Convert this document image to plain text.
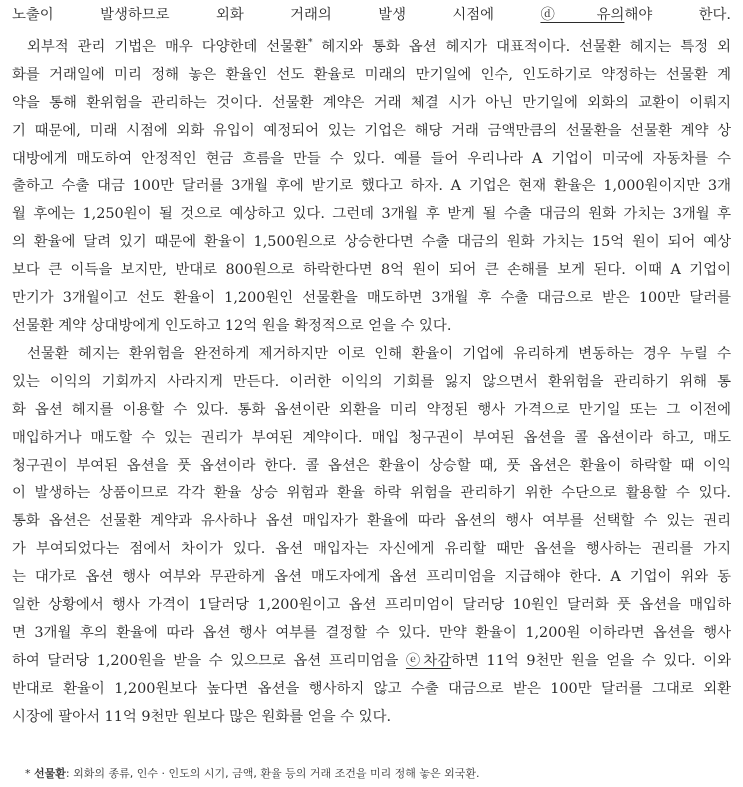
노출이 발생하므로 외화 거래의 발생 시점에 ⓓ유의해야 한다.
외부적 관리 기법은 매우 다양한데 선물환* 헤지와 통화 옵션 헤지가 대표적이다. 선물환 헤지는 특정 외
화를 거래일에 미리 정해 놓은 환율인 선도 환율로 미래의 만기일에 인수, 인도하기로 약정하는 선물환 계
약을 통해 환위험을 관리하는 것이다. 선물환 계약은 거래 체결 시가 아닌 만기일에 외화의 교환이 이뤄지
기 때문에, 미래 시점에 외화 유입이 예정되어 있는 기업은 해당 거래 금액만큼의 선물환을 선물환 계약 상
대방에게 매도하여 안정적인 현금 흐름을 만들 수 있다. 예를 들어 우리나라 A 기업이 미국에 자동차를 수
출하고 수출 대금 100만 달러를 3개월 후에 받기로 했다고 하자. A 기업은 현재 환율은 1,000원이지만 3개
월 후에는 1,250원이 될 것으로 예상하고 있다. 그런데 3개월 후 받게 될 수출 대금의 원화 가치는 3개월 후
의 환율에 달려 있기 때문에 환율이 1,500원으로 상승한다면 수출 대금의 원화 가치는 15억 원이 되어 예상
보다 큰 이득을 보지만, 반대로 800원으로 하락한다면 8억 원이 되어 큰 손해를 보게 된다. 이때 A 기업이
만기가 3개월이고 선도 환율이 1,200원인 선물환을 매도하면 3개월 후 수출 대금으로 받은 100만 달러를
선물환 계약 상대방에게 인도하고 12억 원을 확정적으로 얻을 수 있다.
선물환 헤지는 환위험을 완전하게 제거하지만 이로 인해 환율이 기업에 유리하게 변동하는 경우 누릴 수
있는 이익의 기회까지 사라지게 만든다. 이러한 이익의 기회를 잃지 않으면서 환위험을 관리하기 위해 통
화 옵션 헤지를 이용할 수 있다. 통화 옵션이란 외환을 미리 약정된 행사 가격으로 만기일 또는 그 이전에
매입하거나 매도할 수 있는 권리가 부여된 계약이다. 매입 청구권이 부여된 옵션을 콜 옵션이라 하고, 매도
청구권이 부여된 옵션을 풋 옵션이라 한다. 콜 옵션은 환율이 상승할 때, 풋 옵션은 환율이 하락할 때 이익
이 발생하는 상품이므로 각각 환율 상승 위험과 환율 하락 위험을 관리하기 위한 수단으로 활용할 수 있다.
통화 옵션은 선물환 계약과 유사하나 옵션 매입자가 환율에 따라 옵션의 행사 여부를 선택할 수 있는 권리
가 부여되었다는 점에서 차이가 있다. 옵션 매입자는 자신에게 유리할 때만 옵션을 행사하는 권리를 가지
는 대가로 옵션 행사 여부와 무관하게 옵션 매도자에게 옵션 프리미엄을 지급해야 한다. A 기업이 위와 동
일한 상황에서 행사 가격이 1달러당 1,200원이고 옵션 프리미엄이 달러당 10원인 달러화 풋 옵션을 매입하
면 3개월 후의 환율에 따라 옵션 행사 여부를 결정할 수 있다. 만약 환율이 1,200원 이하라면 옵션을 행사
하여 달러당 1,200원을 받을 수 있으므로 옵션 프리미엄을 ⓔ차감하면 11억 9천만 원을 얻을 수 있다. 이와
반대로 환율이 1,200원보다 높다면 옵션을 행사하지 않고 수출 대금으로 받은 100만 달러를 그대로 외환
시장에 팔아서 11억 9천만 원보다 많은 원화를 얻을 수 있다.
* 선물환: 외화의 종류, 인수 · 인도의 시기, 금액, 환율 등의 거래 조건을 미리 정해 놓은 외국환.
